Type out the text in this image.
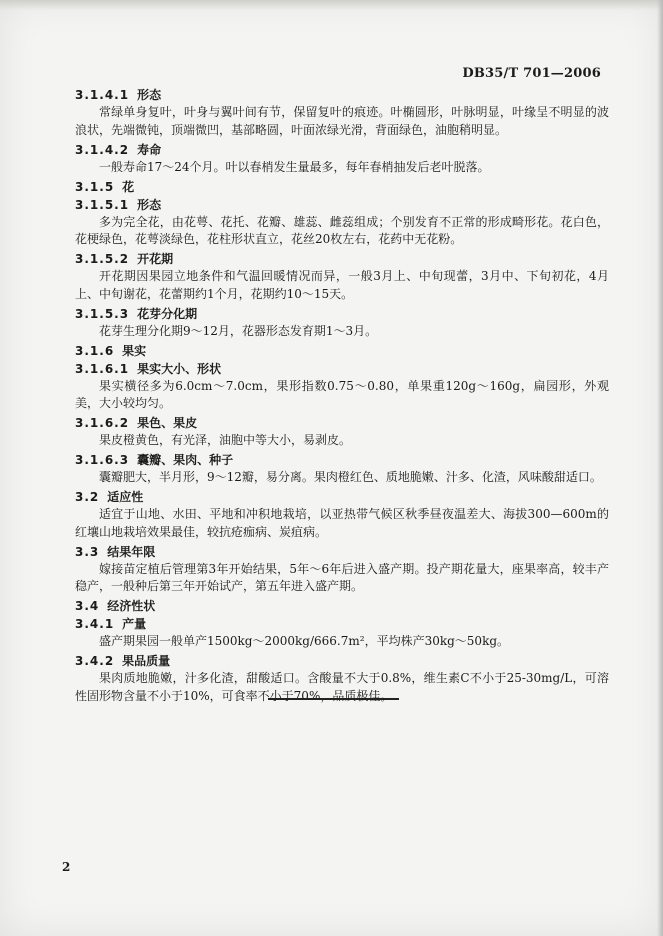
DB35/T 701—2006
3.1.4.1 形态
常绿单身复叶，叶身与翼叶间有节，保留复叶的痕迹。叶椭圆形，叶脉明显，叶缘呈不明显的波浪状，先端微钝，顶端微凹，基部略圆，叶面浓绿光滑，背面绿色，油胞稍明显。
3.1.4.2 寿命
一般寿命17～24个月。叶以春梢发生量最多，每年春梢抽发后老叶脱落。
3.1.5 花
3.1.5.1 形态
多为完全花，由花萼、花托、花瓣、雄蕊、雌蕊组成；个别发育不正常的形成畸形花。花白色，花梗绿色，花萼淡绿色，花柱形状直立，花丝20枚左右，花药中无花粉。
3.1.5.2 开花期
开花期因果园立地条件和气温回暖情况而异，一般3月上、中旬现蕾，3月中、下旬初花，4月上、中旬谢花，花蕾期约1个月，花期约10～15天。
3.1.5.3 花芽分化期
花芽生理分化期9～12月，花器形态发育期1～3月。
3.1.6 果实
3.1.6.1 果实大小、形状
果实横径多为6.0cm～7.0cm，果形指数0.75～0.80，单果重120g～160g，扁园形，外观美，大小较均匀。
3.1.6.2 果色、果皮
果皮橙黄色，有光泽，油胞中等大小，易剥皮。
3.1.6.3 囊瓣、果肉、种子
囊瓣肥大，半月形，9～12瓣，易分离。果肉橙红色、质地脆嫩、汁多、化渣，风味酸甜适口。
3.2 适应性
适宜于山地、水田、平地和冲积地栽培，以亚热带气候区秋季昼夜温差大、海拔300—600m的红壤山地栽培效果最佳，较抗疮痂病、炭疽病。
3.3 结果年限
嫁接苗定植后管理第3年开始结果，5年～6年后进入盛产期。投产期花量大，座果率高，较丰产稳产，一般种后第三年开始试产，第五年进入盛产期。
3.4 经济性状
3.4.1 产量
盛产期果园一般单产1500kg～2000kg/666.7m²，平均株产30kg～50kg。
3.4.2 果品质量
果肉质地脆嫩，汁多化渣，甜酸适口。含酸量不大于0.8%，维生素C不小于25-30mg/L，可溶性固形物含量不小于10%，可食率不小于70%，品质极佳。
2
